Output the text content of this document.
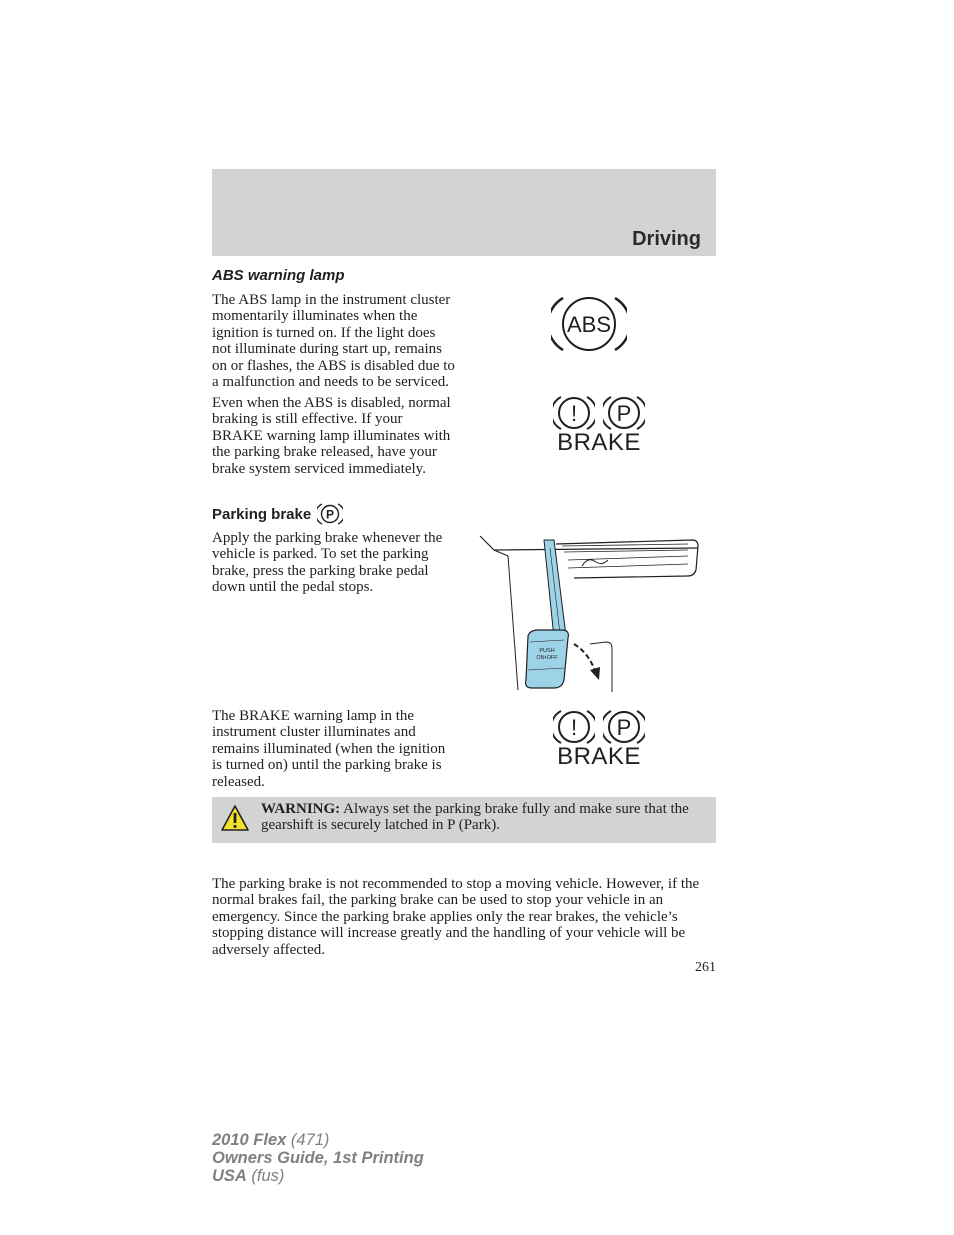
Driving
ABS warning lamp
The ABS lamp in the instrument cluster momentarily illuminates when the ignition is turned on. If the light does not illuminate during start up, remains on or flashes, the ABS is disabled due to a malfunction and needs to be serviced.
ABS
Even when the ABS is disabled, normal braking is still effective. If your BRAKE warning lamp illuminates with the parking brake released, have your brake system serviced immediately.
! P
BRAKE
Parking brake P
Apply the parking brake whenever the vehicle is parked. To set the parking brake, press the parking brake pedal down until the pedal stops.
PUSH
ON•OFF
The BRAKE warning lamp in the instrument cluster illuminates and remains illuminated (when the ignition is turned on) until the parking brake is released.
! P
BRAKE
WARNING: Always set the parking brake fully and make sure that the gearshift is securely latched in P (Park).
The parking brake is not recommended to stop a moving vehicle. However, if the normal brakes fail, the parking brake can be used to stop your vehicle in an emergency. Since the parking brake applies only the rear brakes, the vehicle’s stopping distance will increase greatly and the handling of your vehicle will be adversely affected.
261
2010 Flex (471)
Owners Guide, 1st Printing
USA (fus)
